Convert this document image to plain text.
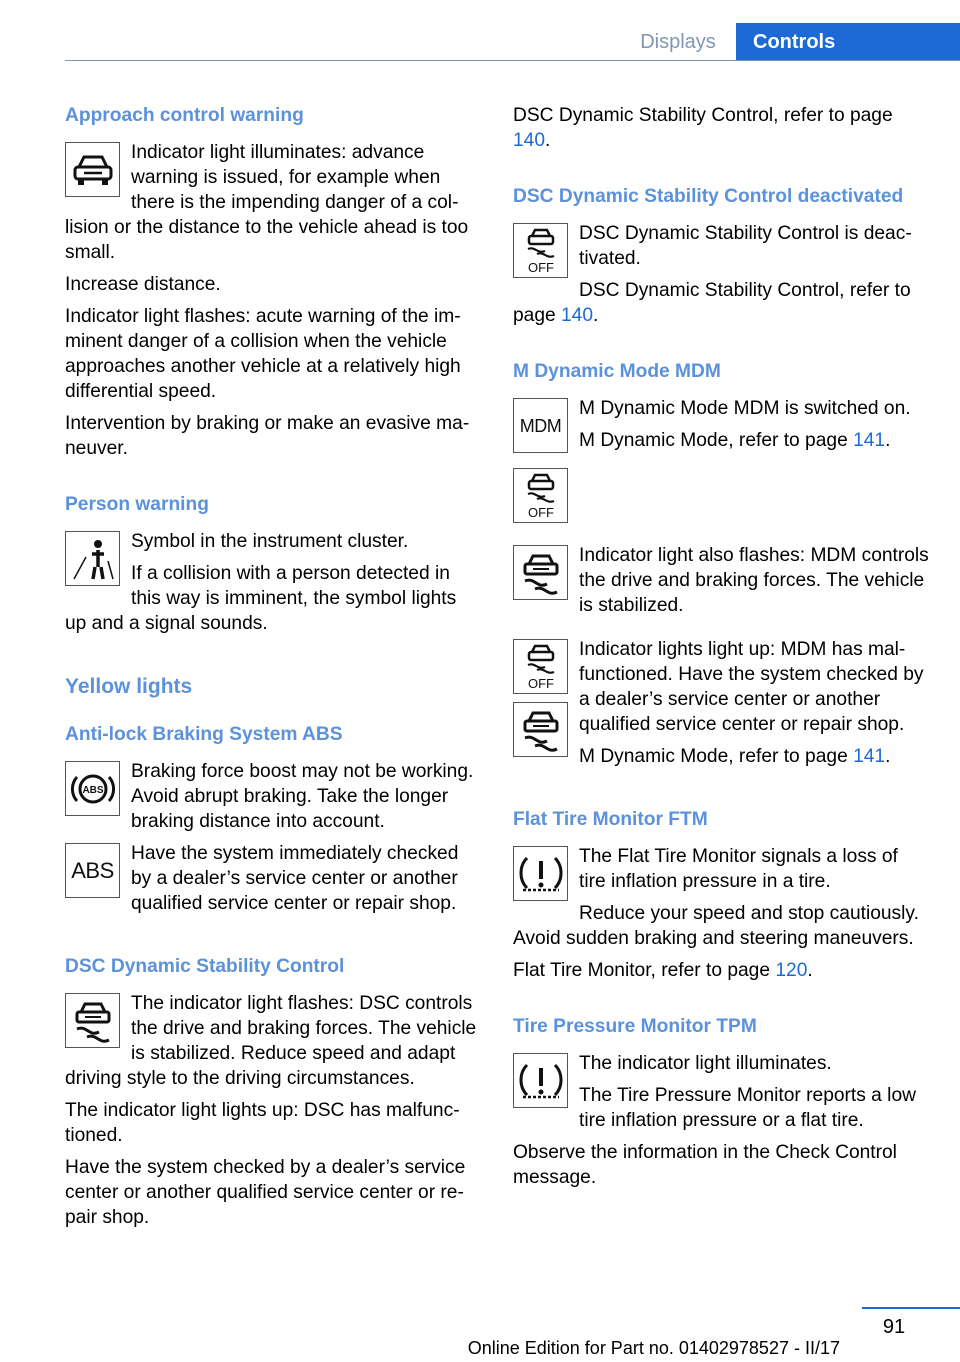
Displays	Controls
Approach control warning
Indicator light illuminates: advance warning is issued, for example when there is the impending danger of a collision or the distance to the vehicle ahead is too small.
Increase distance.
Indicator light flashes: acute warning of the imminent danger of a collision when the vehicle approaches another vehicle at a relatively high differential speed.
Intervention by braking or make an evasive maneuver.
Person warning
Symbol in the instrument cluster.
If a collision with a person detected in this way is imminent, the symbol lights up and a signal sounds.
Yellow lights
Anti-lock Braking System ABS
ABS
Braking force boost may not be working. Avoid abrupt braking. Take the longer braking distance into account.
ABS
Have the system immediately checked by a dealer’s service center or another qualified service center or repair shop.
DSC Dynamic Stability Control
The indicator light flashes: DSC controls the drive and braking forces. The vehicle is stabilized. Reduce speed and adapt driving style to the driving circumstances.
The indicator light lights up: DSC has malfunctioned.
Have the system checked by a dealer’s service center or another qualified service center or repair shop.
DSC Dynamic Stability Control, refer to page 140.
DSC Dynamic Stability Control deactivated
OFF
DSC Dynamic Stability Control is deactivated.
DSC Dynamic Stability Control, refer to page 140.
M Dynamic Mode MDM
MDM
M Dynamic Mode MDM is switched on.
M Dynamic Mode, refer to page 141.
OFF
Indicator light also flashes: MDM controls the drive and braking forces. The vehicle is stabilized.
OFF
Indicator lights light up: MDM has malfunctioned. Have the system checked by a dealer’s service center or another qualified service center or repair shop.
M Dynamic Mode, refer to page 141.
Flat Tire Monitor FTM
The Flat Tire Monitor signals a loss of tire inflation pressure in a tire.
Reduce your speed and stop cautiously. Avoid sudden braking and steering maneuvers.
Flat Tire Monitor, refer to page 120.
Tire Pressure Monitor TPM
The indicator light illuminates.
The Tire Pressure Monitor reports a low tire inflation pressure or a flat tire.
Observe the information in the Check Control message.
91
Online Edition for Part no. 01402978527 - II/17
